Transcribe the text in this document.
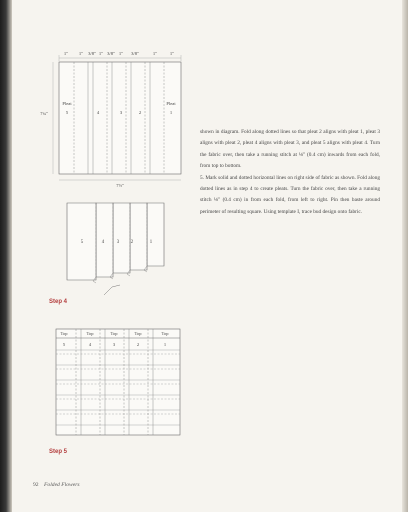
1" 1" 3/8" 1" 3/8" 1" 3/8"	1"	1"
7¼"
7½"
Pleat
5
Pleat
1
4	3	2
5	4	3 2	1
Step 4
Top	Top	Top	Top	Top
5	4	3	2	1
Step 5

shown in diagram. Fold along dotted lines so that pleat 2 aligns with pleat 1, pleat 3 aligns with pleat 2, pleat 4 aligns with pleat 3, and pleat 5 aligns with pleat 4. Turn the fabric over, then take a running stitch at ⅛" (0.4 cm) inwards from each fold, from top to bottom.

5. Mark solid and dotted horizontal lines on right side of fabric as shown. Fold along dotted lines as in step 4 to create pleats. Turn the fabric over, then take a running stitch ⅛" (0.4 cm) in from each fold, from left to right. Pin then baste around perimeter of resulting square. Using template I, trace bud design onto fabric.

92 Folded Flowers
